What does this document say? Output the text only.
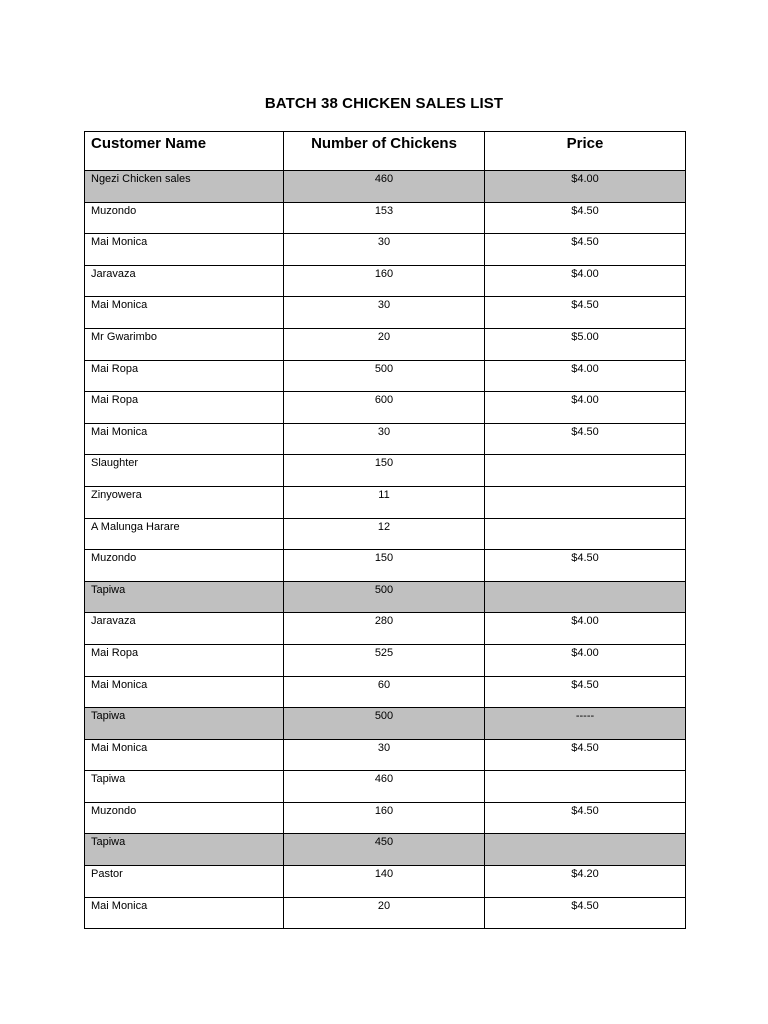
BATCH 38 CHICKEN SALES LIST
Customer Name	Number of Chickens	Price
Ngezi Chicken sales	460	$4.00
Muzondo	153	$4.50
Mai Monica	30	$4.50
Jaravaza	160	$4.00
Mai Monica	30	$4.50
Mr Gwarimbo	20	$5.00
Mai Ropa	500	$4.00
Mai Ropa	600	$4.00
Mai Monica	30	$4.50
Slaughter	150	
Zinyowera	11	
A Malunga Harare	12	
Muzondo	150	$4.50
Tapiwa	500	
Jaravaza	280	$4.00
Mai Ropa	525	$4.00
Mai Monica	60	$4.50
Tapiwa	500	-----
Mai Monica	30	$4.50
Tapiwa	460	
Muzondo	160	$4.50
Tapiwa	450	
Pastor	140	$4.20
Mai Monica	20	$4.50
